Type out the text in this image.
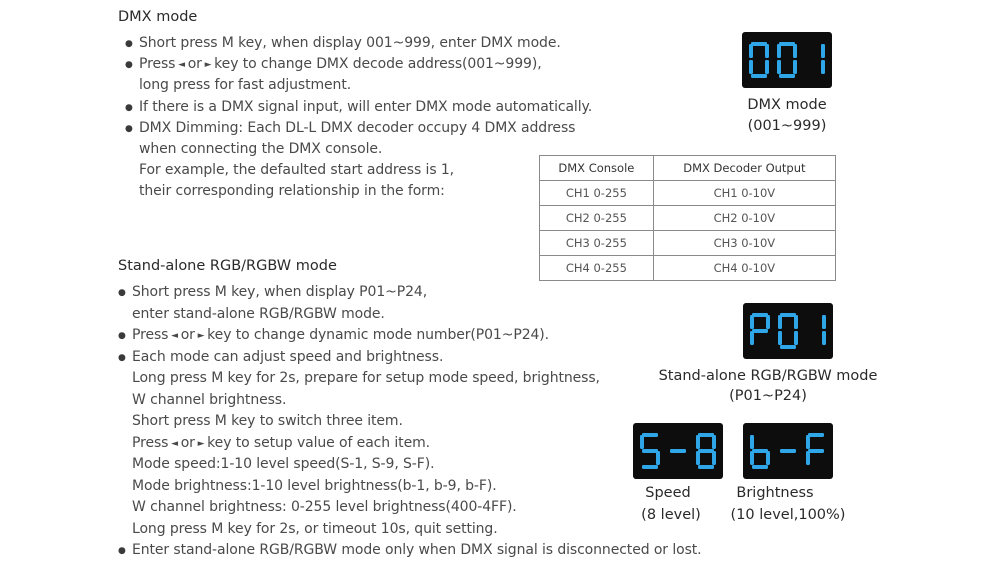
DMX mode
● Short press M key, when display 001~999, enter DMX mode.
● Press ◄ or ► key to change DMX decode address(001~999),
long press for fast adjustment.
● If there is a DMX signal input, will enter DMX mode automatically.
● DMX Dimming: Each DL-L DMX decoder occupy 4 DMX address
when connecting the DMX console.
For example, the defaulted start address is 1,
their corresponding relationship in the form:
DMX mode
(001~999)
DMX Console	DMX Decoder Output
CH1 0-255	CH1 0-10V
CH2 0-255	CH2 0-10V
CH3 0-255	CH3 0-10V
CH4 0-255	CH4 0-10V
Stand-alone RGB/RGBW mode
● Short press M key, when display P01~P24,
enter stand-alone RGB/RGBW mode.
● Press ◄ or ► key to change dynamic mode number(P01~P24).
● Each mode can adjust speed and brightness.
Long press M key for 2s, prepare for setup mode speed, brightness,
W channel brightness.
Short press M key to switch three item.
Press ◄ or ► key to setup value of each item.
Mode speed:1-10 level speed(S-1, S-9, S-F).
Mode brightness:1-10 level brightness(b-1, b-9, b-F).
W channel brightness: 0-255 level brightness(400-4FF).
Long press M key for 2s, or timeout 10s, quit setting.
● Enter stand-alone RGB/RGBW mode only when DMX signal is disconnected or lost.
Stand-alone RGB/RGBW mode
(P01~P24)
Speed
(8 level)
Brightness
(10 level,100%)
